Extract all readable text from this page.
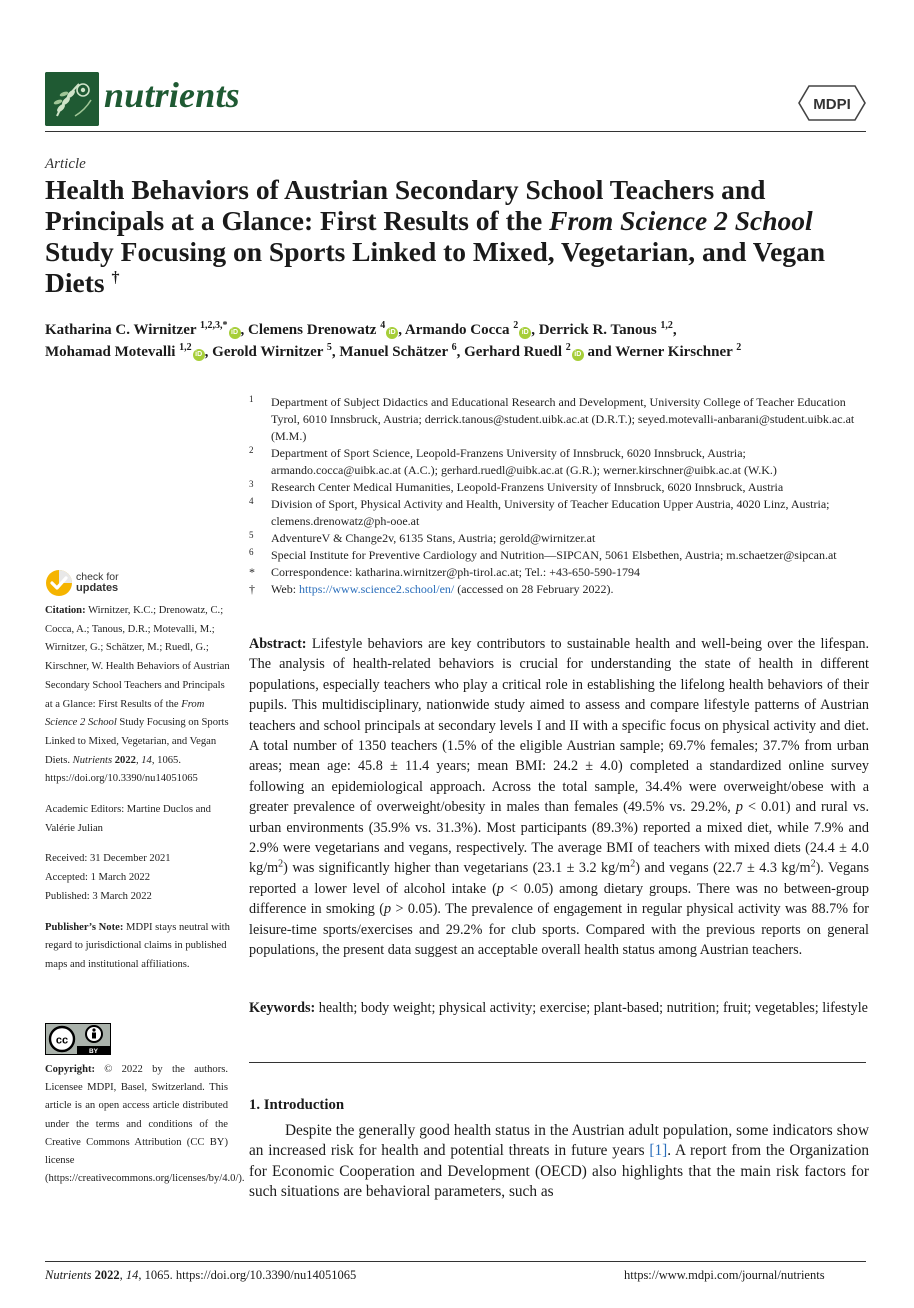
nutrients	MDPI
Article
Health Behaviors of Austrian Secondary School Teachers and Principals at a Glance: First Results of the From Science 2 School Study Focusing on Sports Linked to Mixed, Vegetarian, and Vegan Diets †
Katharina C. Wirnitzer $^{1,2,3,*}$iD , Clemens Drenowatz $^4$iD , Armando Cocca $^2$iD , Derrick R. Tanous $^{1,2}$,
Mohamad Motevalli $^{1,2}$iD , Gerold Wirnitzer $^5$, Manuel Schätzer $^6$, Gerhard Ruedl $^2$iD and Werner Kirschner $^2$
1 Department of Subject Didactics and Educational Research and Development, University College of Teacher Education Tyrol, 6010 Innsbruck, Austria; derrick.tanous@student.uibk.ac.at (D.R.T.); seyed.motevalli-anbarani@student.uibk.ac.at (M.M.)
2 Department of Sport Science, Leopold-Franzens University of Innsbruck, 6020 Innsbruck, Austria; armando.cocca@uibk.ac.at (A.C.); gerhard.ruedl@uibk.ac.at (G.R.); werner.kirschner@uibk.ac.at (W.K.)
3 Research Center Medical Humanities, Leopold-Franzens University of Innsbruck, 6020 Innsbruck, Austria
4 Division of Sport, Physical Activity and Health, University of Teacher Education Upper Austria, 4020 Linz, Austria; clemens.drenowatz@ph-ooe.at
5 AdventureV & Change2v, 6135 Stans, Austria; gerold@wirnitzer.at
6 Special Institute for Preventive Cardiology and Nutrition—SIPCAN, 5061 Elsbethen, Austria; m.schaetzer@sipcan.at
* Correspondence: katharina.wirnitzer@ph-tirol.ac.at; Tel.: +43-650-590-1794
† Web: https://www.science2.school/en/ (accessed on 28 February 2022).
Abstract: Lifestyle behaviors are key contributors to sustainable health and well-being over the lifespan. The analysis of health-related behaviors is crucial for understanding the state of health in different populations, especially teachers who play a critical role in establishing the lifelong health behaviors of their pupils. This multidisciplinary, nationwide study aimed to assess and compare lifestyle patterns of Austrian teachers and school principals at secondary levels I and II with a specific focus on physical activity and diet. A total number of 1350 teachers (1.5% of the eligible Austrian sample; 69.7% females; 37.7% from urban areas; mean age: 45.8 ± 11.4 years; mean BMI: 24.2 ± 4.0) completed a standardized online survey following an epidemiological approach. Across the total sample, 34.4% were overweight/obese with a greater prevalence of overweight/obesity in males than females (49.5% vs. 29.2%, p < 0.01) and rural vs. urban environments (35.9% vs. 31.3%). Most participants (89.3%) reported a mixed diet, while 7.9% and 2.9% were vegetarians and vegans, respectively. The average BMI of teachers with mixed diets (24.4 ± 4.0 $kg/m^2$) was significantly higher than vegetarians (23.1 ± 3.2 $kg/m^2$) and vegans (22.7 ± 4.3 $kg/m^2$). Vegans reported a lower level of alcohol intake (p < 0.05) among dietary groups. There was no between-group difference in smoking (p > 0.05). The prevalence of engagement in regular physical activity was 88.7% for leisure-time sports/exercises and 29.2% for club sports. Compared with the previous reports on general populations, the present data suggest an acceptable overall health status among Austrian teachers.
Keywords: health; body weight; physical activity; exercise; plant-based; nutrition; fruit; vegetables; lifestyle
1. Introduction
Despite the generally good health status in the Austrian adult population, some indicators show an increased risk for health and potential threats in future years [1]. A report from the Organization for Economic Cooperation and Development (OECD) also highlights that the main risk factors for such situations are behavioral parameters, such as
check for
updates

Citation: Wirnitzer, K.C.; Drenowatz, C.; Cocca, A.; Tanous, D.R.; Motevalli, M.; Wirnitzer, G.; Schätzer, M.; Ruedl, G.; Kirschner, W. Health Behaviors of Austrian Secondary School Teachers and Principals at a Glance: First Results of the From Science 2 School Study Focusing on Sports Linked to Mixed, Vegetarian, and Vegan Diets. Nutrients 2022, 14, 1065. https://doi.org/10.3390/nu14051065

Academic Editors: Martine Duclos and Valérie Julian

Received: 31 December 2021

Accepted: 1 March 2022

Published: 3 March 2022

Publisher’s Note: MDPI stays neutral with regard to jurisdictional claims in published maps and institutional affiliations.

cc
BY
Copyright: © 2022 by the authors. Licensee MDPI, Basel, Switzerland. This article is an open access article distributed under the terms and conditions of the Creative Commons Attribution (CC BY) license (https://creativecommons.org/licenses/by/4.0/).
Nutrients 2022, 14, 1065. https://doi.org/10.3390/nu14051065	https://www.mdpi.com/journal/nutrients
